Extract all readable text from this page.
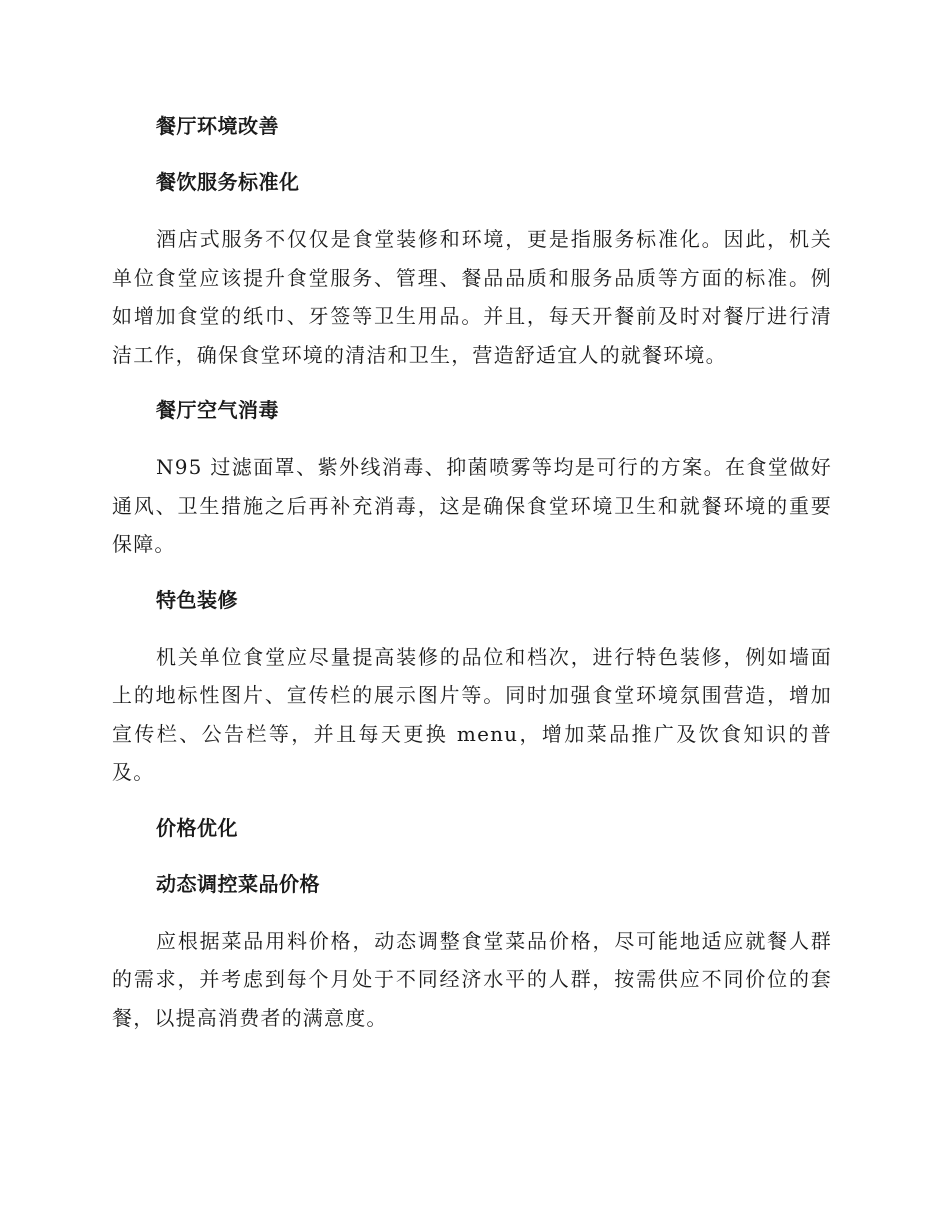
餐厅环境改善
餐饮服务标准化

酒店式服务不仅仅是食堂装修和环境，更是指服务标准化。因此，机关单位食堂应该提升食堂服务、管理、餐品品质和服务品质等方面的标准。例如增加食堂的纸巾、牙签等卫生用品。并且，每天开餐前及时对餐厅进行清洁工作，确保食堂环境的清洁和卫生，营造舒适宜人的就餐环境。

餐厅空气消毒

N95 过滤面罩、紫外线消毒、抑菌喷雾等均是可行的方案。在食堂做好通风、卫生措施之后再补充消毒，这是确保食堂环境卫生和就餐环境的重要保障。

特色装修

机关单位食堂应尽量提高装修的品位和档次，进行特色装修，例如墙面上的地标性图片、宣传栏的展示图片等。同时加强食堂环境氛围营造，增加宣传栏、公告栏等，并且每天更换 menu，增加菜品推广及饮食知识的普及。

价格优化
动态调控菜品价格

应根据菜品用料价格，动态调整食堂菜品价格，尽可能地适应就餐人群的需求，并考虑到每个月处于不同经济水平的人群，按需供应不同价位的套餐，以提高消费者的满意度。
